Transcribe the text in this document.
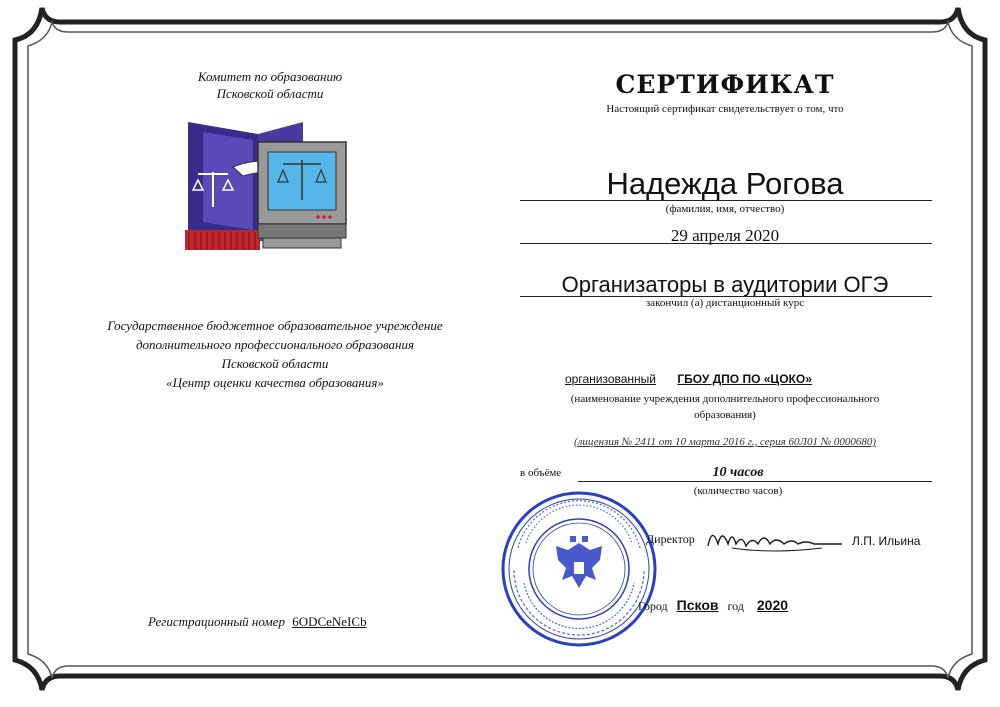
Комитет по образованию
Псковской области
Государственное бюджетное образовательное учреждение
дополнительного профессионального образования
Псковской области
«Центр оценки качества образования»
Регистрационный номер 6ODCeNeICb
СЕРТИФИКАТ
Настоящий сертификат свидетельствует о том, что
Надежда Рогова
(фамилия, имя, отчество)
29 апреля 2020
Организаторы в аудитории ОГЭ
закончил (а) дистанционный курс
организованный ГБОУ ДПО ПО «ЦОКО»
(наименование учреждения дополнительного профессионального
образования)
(лицензия № 2411 от 10 марта 2016 г., серия 60Л01 № 0000680)
в объёме	10 часов
(количество часов)
Директор	Л.П. Ильина
Город Псков год 2020
